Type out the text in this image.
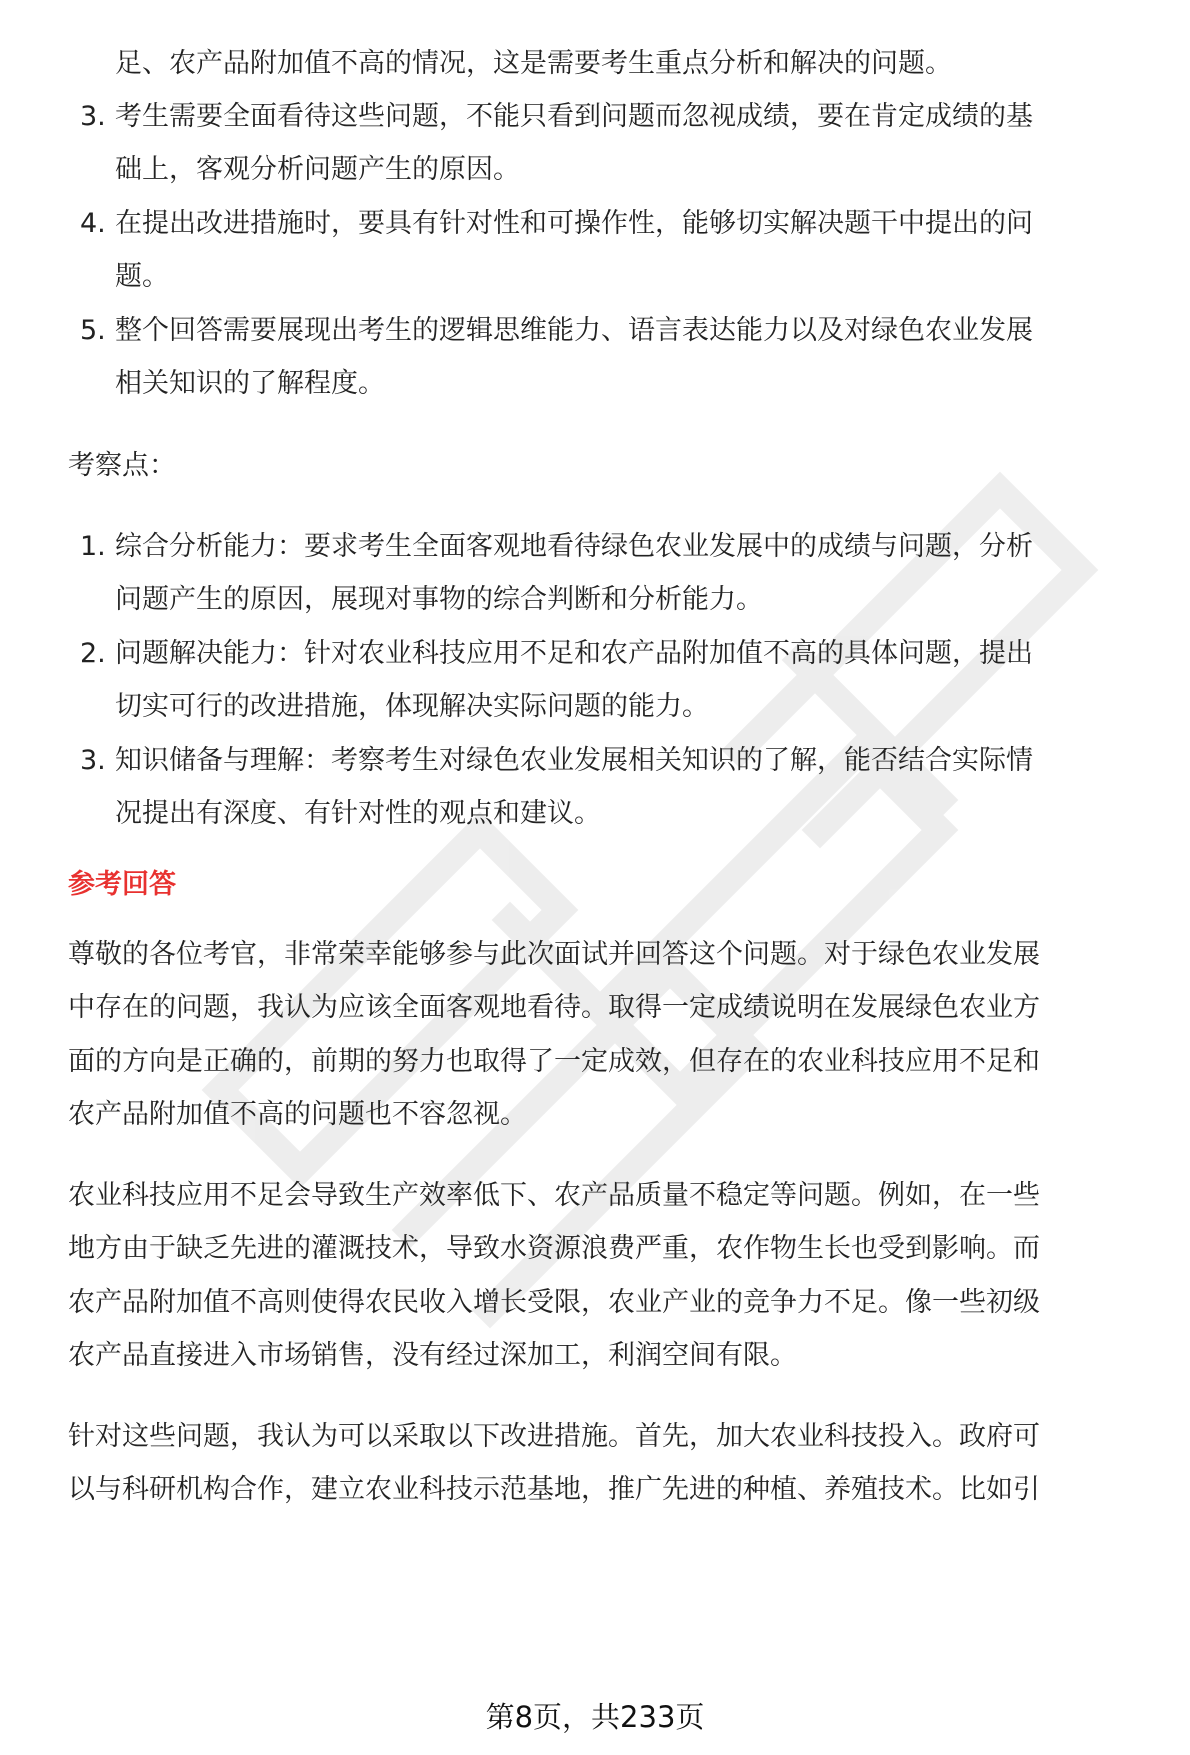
足、农产品附加值不高的情况，这是需要考生重点分析和解决的问题。
3. 考生需要全面看待这些问题，不能只看到问题而忽视成绩，要在肯定成绩的基
础上，客观分析问题产生的原因。
4. 在提出改进措施时，要具有针对性和可操作性，能够切实解决题干中提出的问
题。
5. 整个回答需要展现出考生的逻辑思维能力、语言表达能力以及对绿色农业发展
相关知识的了解程度。
考察点：
1. 综合分析能力：要求考生全面客观地看待绿色农业发展中的成绩与问题，分析
问题产生的原因，展现对事物的综合判断和分析能力。
2. 问题解决能力：针对农业科技应用不足和农产品附加值不高的具体问题，提出
切实可行的改进措施，体现解决实际问题的能力。
3. 知识储备与理解：考察考生对绿色农业发展相关知识的了解，能否结合实际情
况提出有深度、有针对性的观点和建议。
参考回答
尊敬的各位考官，非常荣幸能够参与此次面试并回答这个问题。对于绿色农业发展
中存在的问题，我认为应该全面客观地看待。取得一定成绩说明在发展绿色农业方
面的方向是正确的，前期的努力也取得了一定成效，但存在的农业科技应用不足和
农产品附加值不高的问题也不容忽视。
农业科技应用不足会导致生产效率低下、农产品质量不稳定等问题。例如，在一些
地方由于缺乏先进的灌溉技术，导致水资源浪费严重，农作物生长也受到影响。而
农产品附加值不高则使得农民收入增长受限，农业产业的竞争力不足。像一些初级
农产品直接进入市场销售，没有经过深加工，利润空间有限。
针对这些问题，我认为可以采取以下改进措施。首先，加大农业科技投入。政府可
以与科研机构合作，建立农业科技示范基地，推广先进的种植、养殖技术。比如引
第8页，共233页
